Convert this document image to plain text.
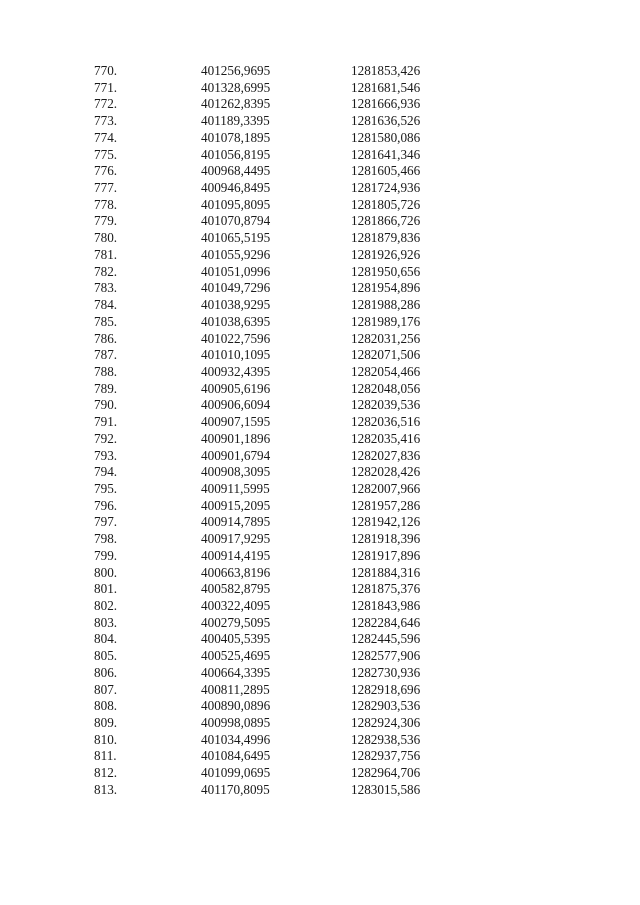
770.	401256,9695	1281853,426
771.	401328,6995	1281681,546
772.	401262,8395	1281666,936
773.	401189,3395	1281636,526
774.	401078,1895	1281580,086
775.	401056,8195	1281641,346
776.	400968,4495	1281605,466
777.	400946,8495	1281724,936
778.	401095,8095	1281805,726
779.	401070,8794	1281866,726
780.	401065,5195	1281879,836
781.	401055,9296	1281926,926
782.	401051,0996	1281950,656
783.	401049,7296	1281954,896
784.	401038,9295	1281988,286
785.	401038,6395	1281989,176
786.	401022,7596	1282031,256
787.	401010,1095	1282071,506
788.	400932,4395	1282054,466
789.	400905,6196	1282048,056
790.	400906,6094	1282039,536
791.	400907,1595	1282036,516
792.	400901,1896	1282035,416
793.	400901,6794	1282027,836
794.	400908,3095	1282028,426
795.	400911,5995	1282007,966
796.	400915,2095	1281957,286
797.	400914,7895	1281942,126
798.	400917,9295	1281918,396
799.	400914,4195	1281917,896
800.	400663,8196	1281884,316
801.	400582,8795	1281875,376
802.	400322,4095	1281843,986
803.	400279,5095	1282284,646
804.	400405,5395	1282445,596
805.	400525,4695	1282577,906
806.	400664,3395	1282730,936
807.	400811,2895	1282918,696
808.	400890,0896	1282903,536
809.	400998,0895	1282924,306
810.	401034,4996	1282938,536
811.	401084,6495	1282937,756
812.	401099,0695	1282964,706
813.	401170,8095	1283015,586
